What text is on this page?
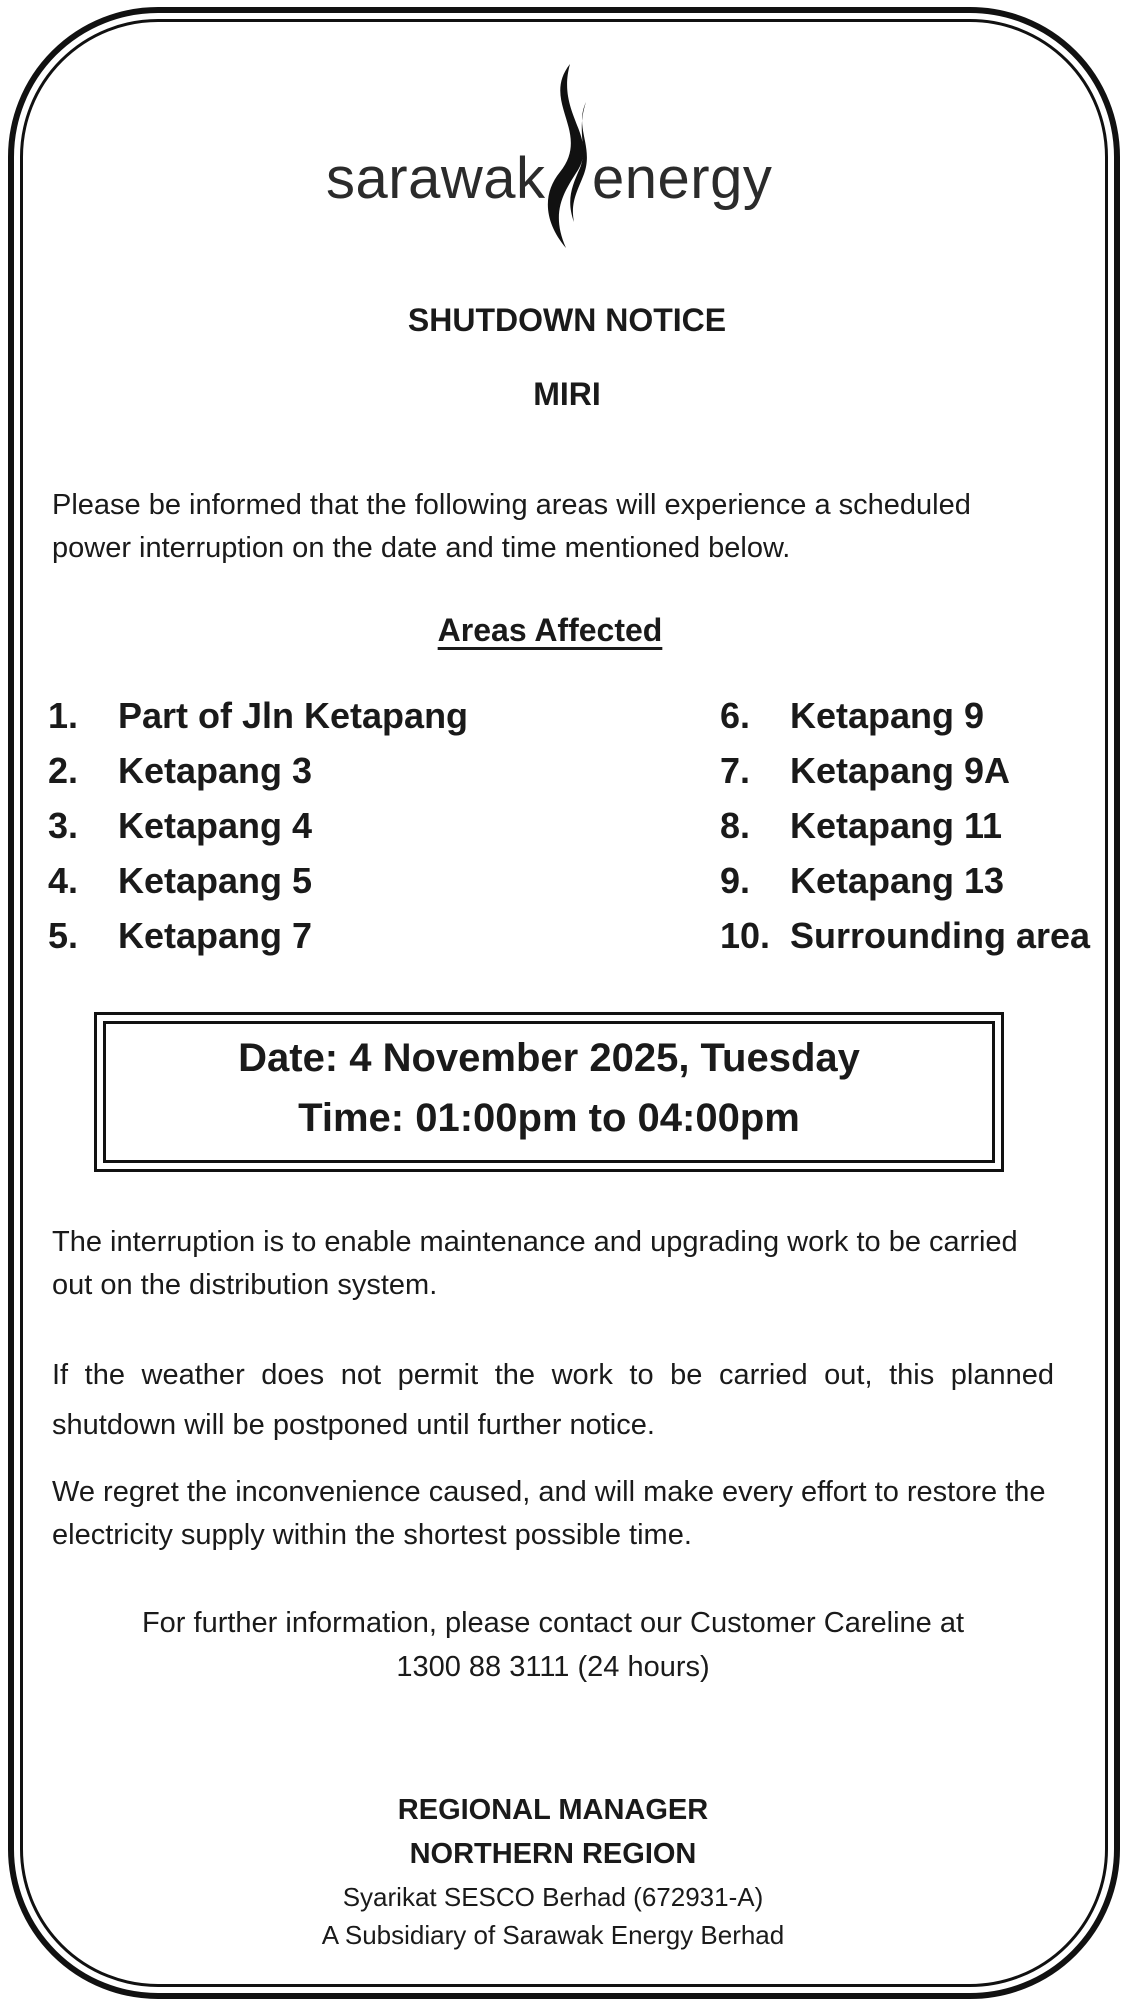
sarawak energy
SHUTDOWN NOTICE
MIRI
Please be informed that the following areas will experience a scheduled power interruption on the date and time mentioned below.
Areas Affected
1. Part of Jln Ketapang
2. Ketapang 3
3. Ketapang 4
4. Ketapang 5
5. Ketapang 7
6. Ketapang 9
7. Ketapang 9A
8. Ketapang 11
9. Ketapang 13
10. Surrounding area
Date: 4 November 2025, Tuesday
Time: 01:00pm to 04:00pm
The interruption is to enable maintenance and upgrading work to be carried out on the distribution system.
If the weather does not permit the work to be carried out, this planned shutdown will be postponed until further notice.
We regret the inconvenience caused, and will make every effort to restore the electricity supply within the shortest possible time.
For further information, please contact our Customer Careline at
1300 88 3111 (24 hours)
REGIONAL MANAGER
NORTHERN REGION
Syarikat SESCO Berhad (672931-A)
A Subsidiary of Sarawak Energy Berhad
